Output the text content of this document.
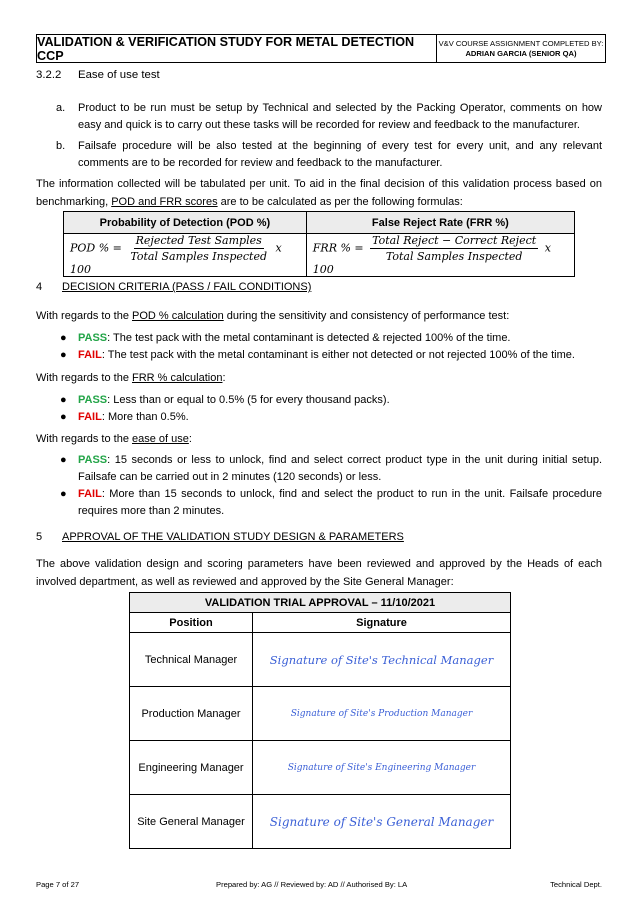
VALIDATION & VERIFICATION STUDY FOR METAL DETECTION CCP
V&V COURSE ASSIGNMENT COMPLETED BY:
ADRIAN GARCIA (SENIOR QA)
3.2.2 Ease of use test
a. Product to be run must be setup by Technical and selected by the Packing Operator, comments on how easy and quick is to carry out these tasks will be recorded for review and feedback to the manufacturer.
b. Failsafe procedure will be also tested at the beginning of every test for every unit, and any relevant comments are to be recorded for review and feedback to the manufacturer.
The information collected will be tabulated per unit. To aid in the final decision of this validation process based on benchmarking, POD and FRR scores are to be calculated as per the following formulas:
Probability of Detection (POD %)	False Reject Rate (FRR %)
POD % = $\frac{\text{Rejected Test Samples}}{\text{Total Samples Inspected}}$ x 100	FRR % = $\frac{\text{Total Reject − Correct Reject}}{\text{Total Samples Inspected}}$ x 100
4 DECISION CRITERIA (PASS / FAIL CONDITIONS)
With regards to the POD % calculation during the sensitivity and consistency of performance test:
● PASS: The test pack with the metal contaminant is detected & rejected 100% of the time.
● FAIL: The test pack with the metal contaminant is either not detected or not rejected 100% of the time.
With regards to the FRR % calculation:
● PASS: Less than or equal to 0.5% (5 for every thousand packs).
● FAIL: More than 0.5%.
With regards to the ease of use:
● PASS: 15 seconds or less to unlock, find and select correct product type in the unit during initial setup. Failsafe can be carried out in 2 minutes (120 seconds) or less.
● FAIL: More than 15 seconds to unlock, find and select the product to run in the unit. Failsafe procedure requires more than 2 minutes.
5 APPROVAL OF THE VALIDATION STUDY DESIGN & PARAMETERS
The above validation design and scoring parameters have been reviewed and approved by the Heads of each involved department, as well as reviewed and approved by the Site General Manager:
VALIDATION TRIAL APPROVAL – 11/10/2021	
Position	Signature
Technical Manager	Signature of Site's Technical Manager
Production Manager	Signature of Site's Production Manager
Engineering Manager	Signature of Site's Engineering Manager
Site General Manager	Signature of Site's General Manager
Page 7 of 27	Prepared by: AG // Reviewed by: AD // Authorised By: LA	Technical Dept.
